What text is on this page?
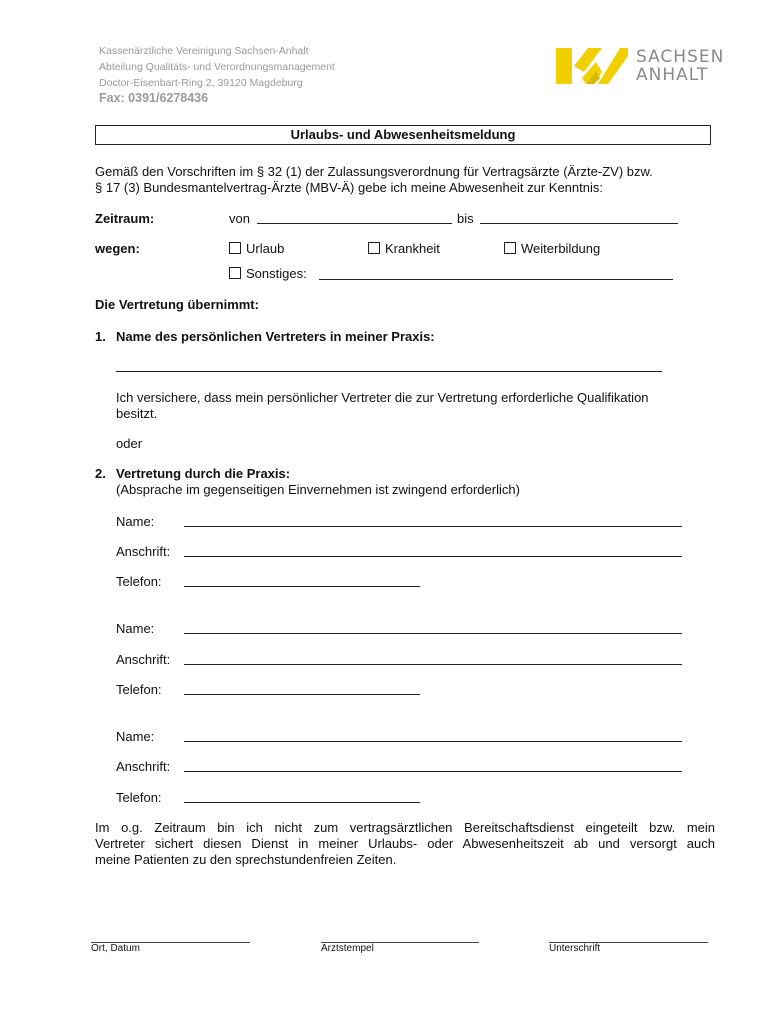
Kassenärztliche Vereinigung Sachsen-Anhalt
Abteilung Qualitäts- und Verordnungsmanagement
Doctor-Eisenbart-Ring 2, 39120 Magdeburg
Fax: 0391/6278436
SACHSEN
ANHALT
Urlaubs- und Abwesenheitsmeldung
Gemäß den Vorschriften im § 32 (1) der Zulassungsverordnung für Vertragsärzte (Ärzte-ZV) bzw.
§ 17 (3) Bundesmantelvertrag-Ärzte (MBV-Ä) gebe ich meine Abwesenheit zur Kenntnis:
Zeitraum:	von	bis
wegen:	Urlaub	Krankheit	Weiterbildung
Sonstiges:
Die Vertretung übernimmt:
1. Name des persönlichen Vertreters in meiner Praxis:
Ich versichere, dass mein persönlicher Vertreter die zur Vertretung erforderliche Qualifikation
besitzt.
oder
2. Vertretung durch die Praxis:
(Absprache im gegenseitigen Einvernehmen ist zwingend erforderlich)
Name:
Anschrift:
Telefon:
Name:
Anschrift:
Telefon:
Name:
Anschrift:
Telefon:
Im o.g. Zeitraum bin ich nicht zum vertragsärztlichen Bereitschaftsdienst eingeteilt bzw. mein
Vertreter sichert diesen Dienst in meiner Urlaubs- oder Abwesenheitszeit ab und versorgt auch
meine Patienten zu den sprechstundenfreien Zeiten.
Ort, Datum	Arztstempel	Unterschrift
